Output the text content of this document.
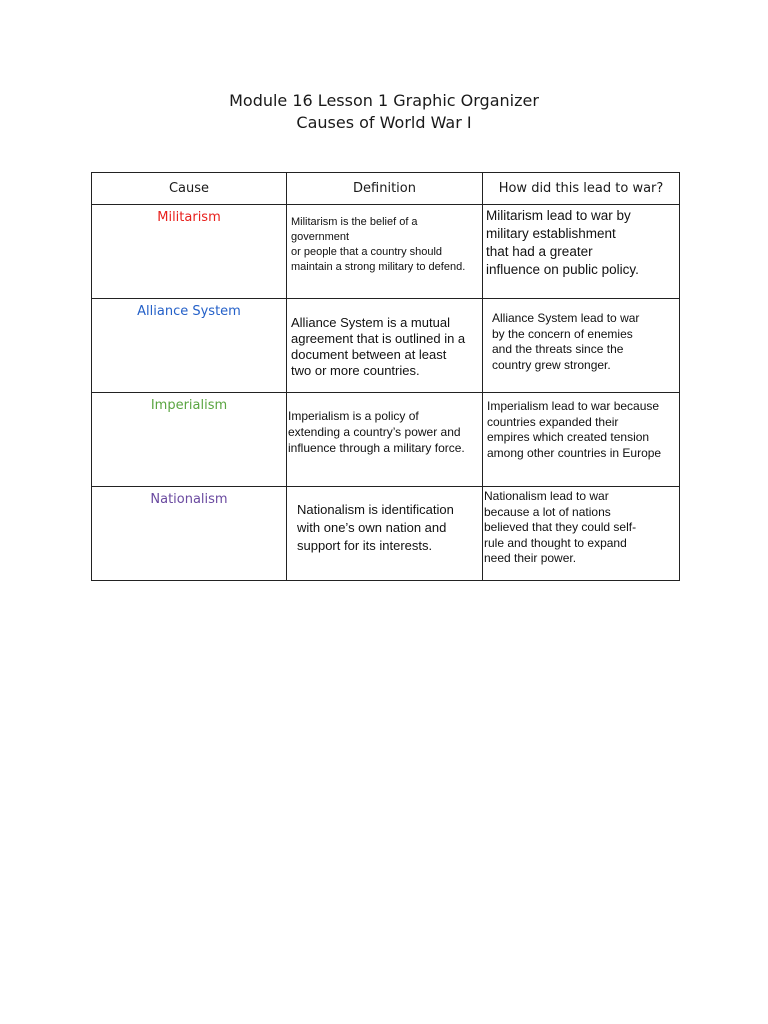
Module 16 Lesson 1 Graphic Organizer
Causes of World War I
Cause	Definition	How did this lead to war?

Militarism	Militarism is the belief of a
government
or people that a country should
maintain a strong military to defend.	Militarism lead to war by
military establishment
that had a greater
influence on public policy.

Alliance System	Alliance System is a mutual
agreement that is outlined in a
document between at least
two or more countries.	Alliance System lead to war
by the concern of enemies
and the threats since the
country grew stronger.

Imperialism	Imperialism is a policy of
extending a country’s power and
influence through a military force.	Imperialism lead to war because
countries expanded their
empires which created tension
among other countries in Europe

Nationalism	Nationalism is identification
with one’s own nation and
support for its interests.	Nationalism lead to war
because a lot of nations
believed that they could self-
rule and thought to expand
need their power.
